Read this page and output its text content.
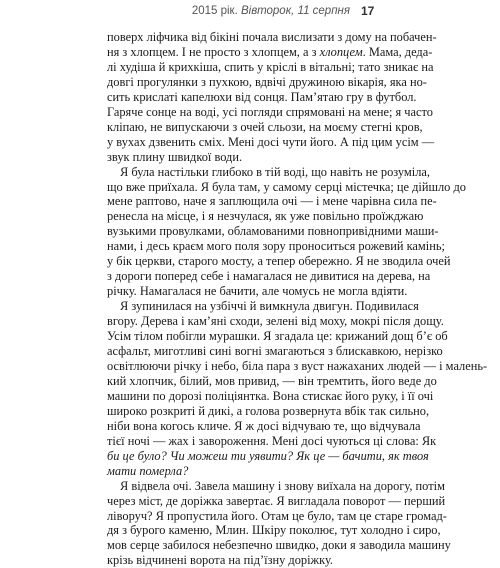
2015 рік. Вівторок, 11 серпня 17
поверх ліфчика від бікіні почала вислизати з дому на побачен-
ня з хлопцем. І не просто з хлопцем, а з хлопцем. Мама, деда-
лі худіша й крихкіша, спить у кріслі в вітальні; тато зникає на
довгі прогулянки з пухкою, вдвічі дружиною вікарія, яка но-
сить крислаті капелюхи від сонця. Пам’ятаю гру в футбол.
Гаряче сонце на воді, усі погляди спрямовані на мене; я часто
кліпаю, не випускаючи з очей сльози, на моєму стегні кров,
у вухах дзвенить сміх. Мені досі чути його. А під цим усім —
звук плину швидкої води.
Я була настільки глибоко в тій воді, що навіть не розуміла,
що вже приїхала. Я була там, у самому серці містечка; це дійшло до
мене раптово, наче я заплющила очі — і мене чарівна сила пе-
ренесла на місце, і я незчулася, як уже повільно проїжджаю
вузькими провулками, обламованими повнопривідними маши-
нами, і десь краєм мого поля зору проноситься рожевий камінь;
у бік церкви, старого мосту, а тепер обережно. Я не зводила очей
з дороги поперед себе і намагалася не дивитися на дерева, на
річку. Намагалася не бачити, але чомусь не могла вдіяти.
Я зупинилася на узбіччі й вимкнула двигун. Подивилася
вгору. Дерева і кам’яні сходи, зелені від моху, мокрі після дощу.
Усім тілом побігли мурашки. Я згадала це: крижаний дощ б’є об
асфальт, миготливі сині вогні змагаються з блискавкою, нерізко
освітлюючи річку і небо, біла пара з вуст нажаханих людей — і малень-
кий хлопчик, білий, мов привид, — він тремтить, його веде до
машини по дорозі поліціянтка. Вона стискає його руку, і її очі
широко розкриті й дикі, а голова розвернута вбік так сильно,
ніби вона когось кличе. Я ж досі відчуваю те, що відчувала
тієї ночі — жах і завороження. Мені досі чуються ці слова: Як
би це було? Чи можеш ти уявити? Як це — бачити, як твоя
мати померла?
Я відвела очі. Завела машину і знову виїхала на дорогу, потім
через міст, де доріжка завертає. Я вигладала поворот — перший
ліворуч? Я пропустила його. Отам це було, там це старе громад-
дя з бурого каменю, Млин. Шкіру поколює, тут холодно і сиро,
мов серце забилося небезпечно швидко, доки я заводила машину
крізь відчинені ворота на під’їзну доріжку.
